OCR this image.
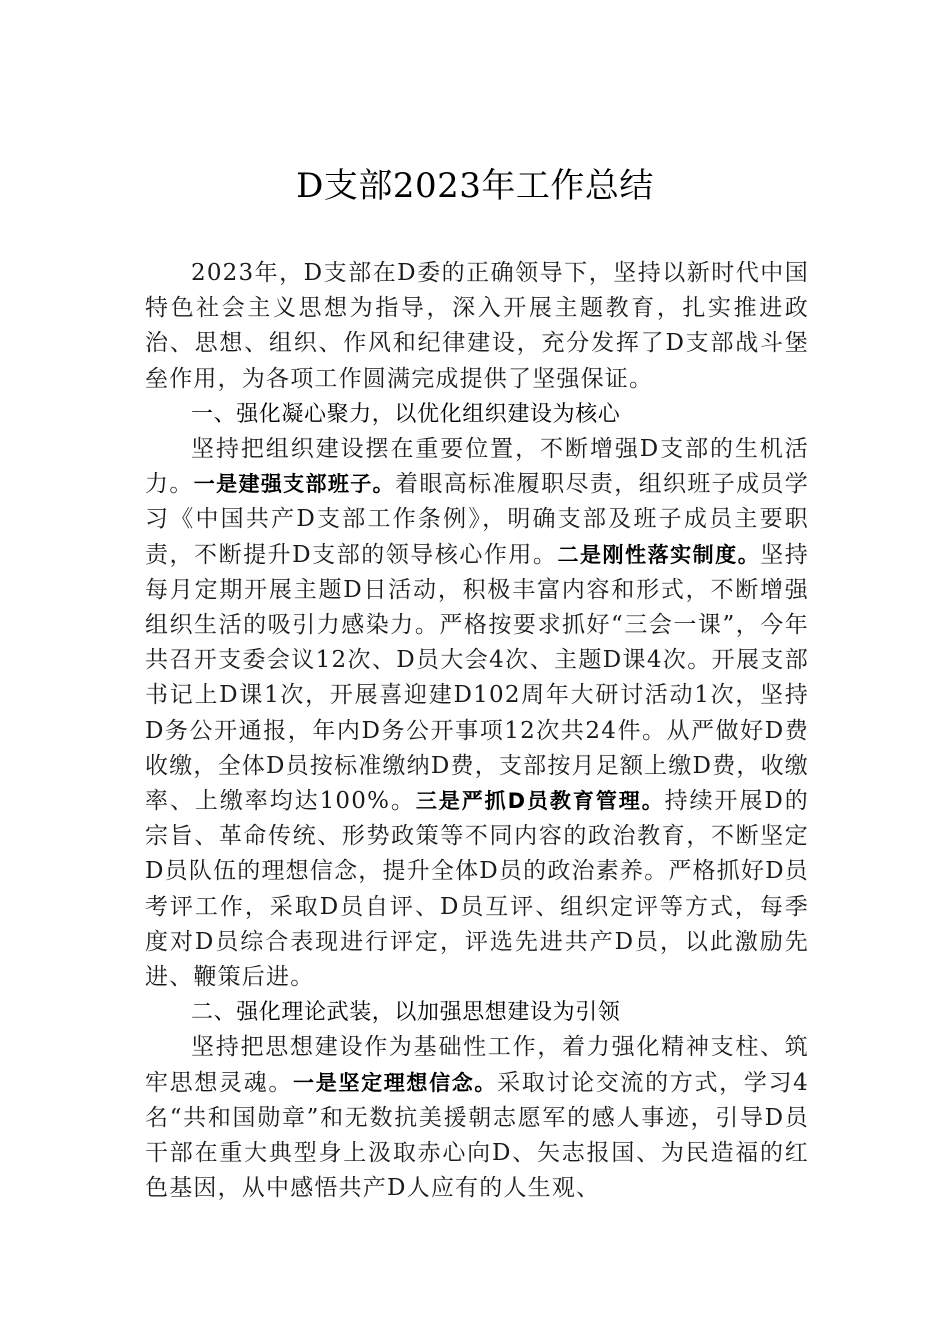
D支部2023年工作总结

2023年，D支部在D委的正确领导下，坚持以新时代中国特色社会主义思想为指导，深入开展主题教育，扎实推进政治、思想、组织、作风和纪律建设，充分发挥了D支部战斗堡垒作用，为各项工作圆满完成提供了坚强保证。

一、强化凝心聚力，以优化组织建设为核心

坚持把组织建设摆在重要位置，不断增强D支部的生机活力。一是建强支部班子。着眼高标准履职尽责，组织班子成员学习《中国共产D支部工作条例》，明确支部及班子成员主要职责，不断提升D支部的领导核心作用。二是刚性落实制度。坚持每月定期开展主题D日活动，积极丰富内容和形式，不断增强组织生活的吸引力感染力。严格按要求抓好“三会一课”，今年共召开支委会议12次、D员大会4次、主题D课4次。开展支部书记上D课1次，开展喜迎建D102周年大研讨活动1次，坚持D务公开通报，年内D务公开事项12次共24件。从严做好D费收缴，全体D员按标准缴纳D费，支部按月足额上缴D费，收缴率、上缴率均达100%。三是严抓D员教育管理。持续开展D的宗旨、革命传统、形势政策等不同内容的政治教育，不断坚定D员队伍的理想信念，提升全体D员的政治素养。严格抓好D员考评工作，采取D员自评、D员互评、组织定评等方式，每季度对D员综合表现进行评定，评选先进共产D员，以此激励先进、鞭策后进。

二、强化理论武装，以加强思想建设为引领

坚持把思想建设作为基础性工作，着力强化精神支柱、筑牢思想灵魂。一是坚定理想信念。采取讨论交流的方式，学习4名“共和国勋章”和无数抗美援朝志愿军的感人事迹，引导D员干部在重大典型身上汲取赤心向D、矢志报国、为民造福的红色基因，从中感悟共产D人应有的人生观、
